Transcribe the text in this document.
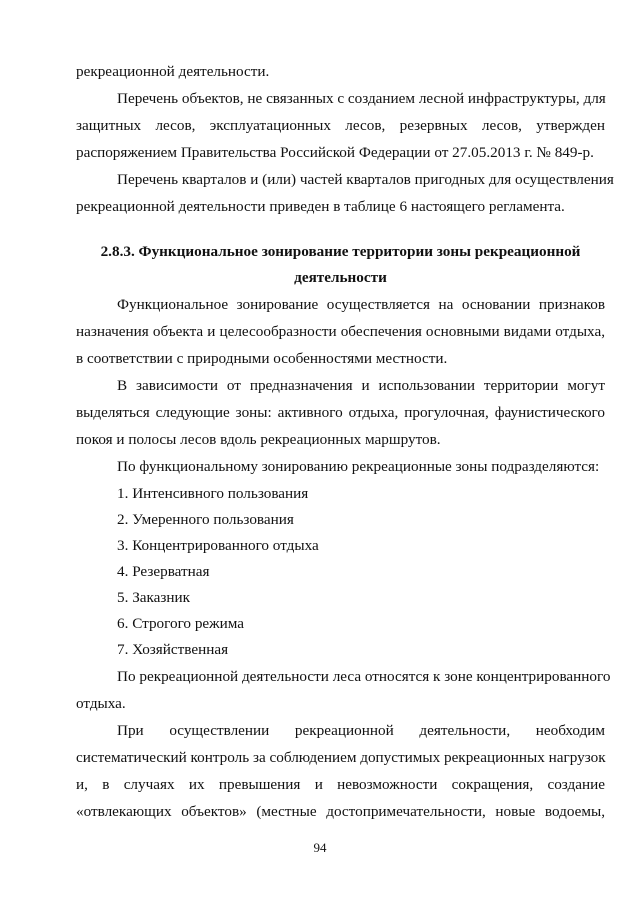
рекреационной деятельности.
Перечень объектов, не связанных с созданием лесной инфраструктуры, для
защитных лесов, эксплуатационных лесов, резервных лесов, утвержден
распоряжением Правительства Российской Федерации от 27.05.2013 г. № 849-р.
Перечень кварталов и (или) частей кварталов пригодных для осуществления
рекреационной деятельности приведен в таблице 6 настоящего регламента.
2.8.3. Функциональное зонирование территории зоны рекреационной
деятельности
Функциональное зонирование осуществляется на основании признаков
назначения объекта и целесообразности обеспечения основными видами отдыха,
в соответствии с природными особенностями местности.
В зависимости от предназначения и использовании территории могут
выделяться следующие зоны: активного отдыха, прогулочная, фаунистического
покоя и полосы лесов вдоль рекреационных маршрутов.
По функциональному зонированию рекреационные зоны подразделяются:
1. Интенсивного пользования
2. Умеренного пользования
3. Концентрированного отдыха
4. Резерватная
5. Заказник
6. Строгого режима
7. Хозяйственная
По рекреационной деятельности леса относятся к зоне концентрированного
отдыха.
При осуществлении рекреационной деятельности, необходим
систематический контроль за соблюдением допустимых рекреационных нагрузок
и, в случаях их превышения и невозможности сокращения, создание
«отвлекающих объектов» (местные достопримечательности, новые водоемы,
94
